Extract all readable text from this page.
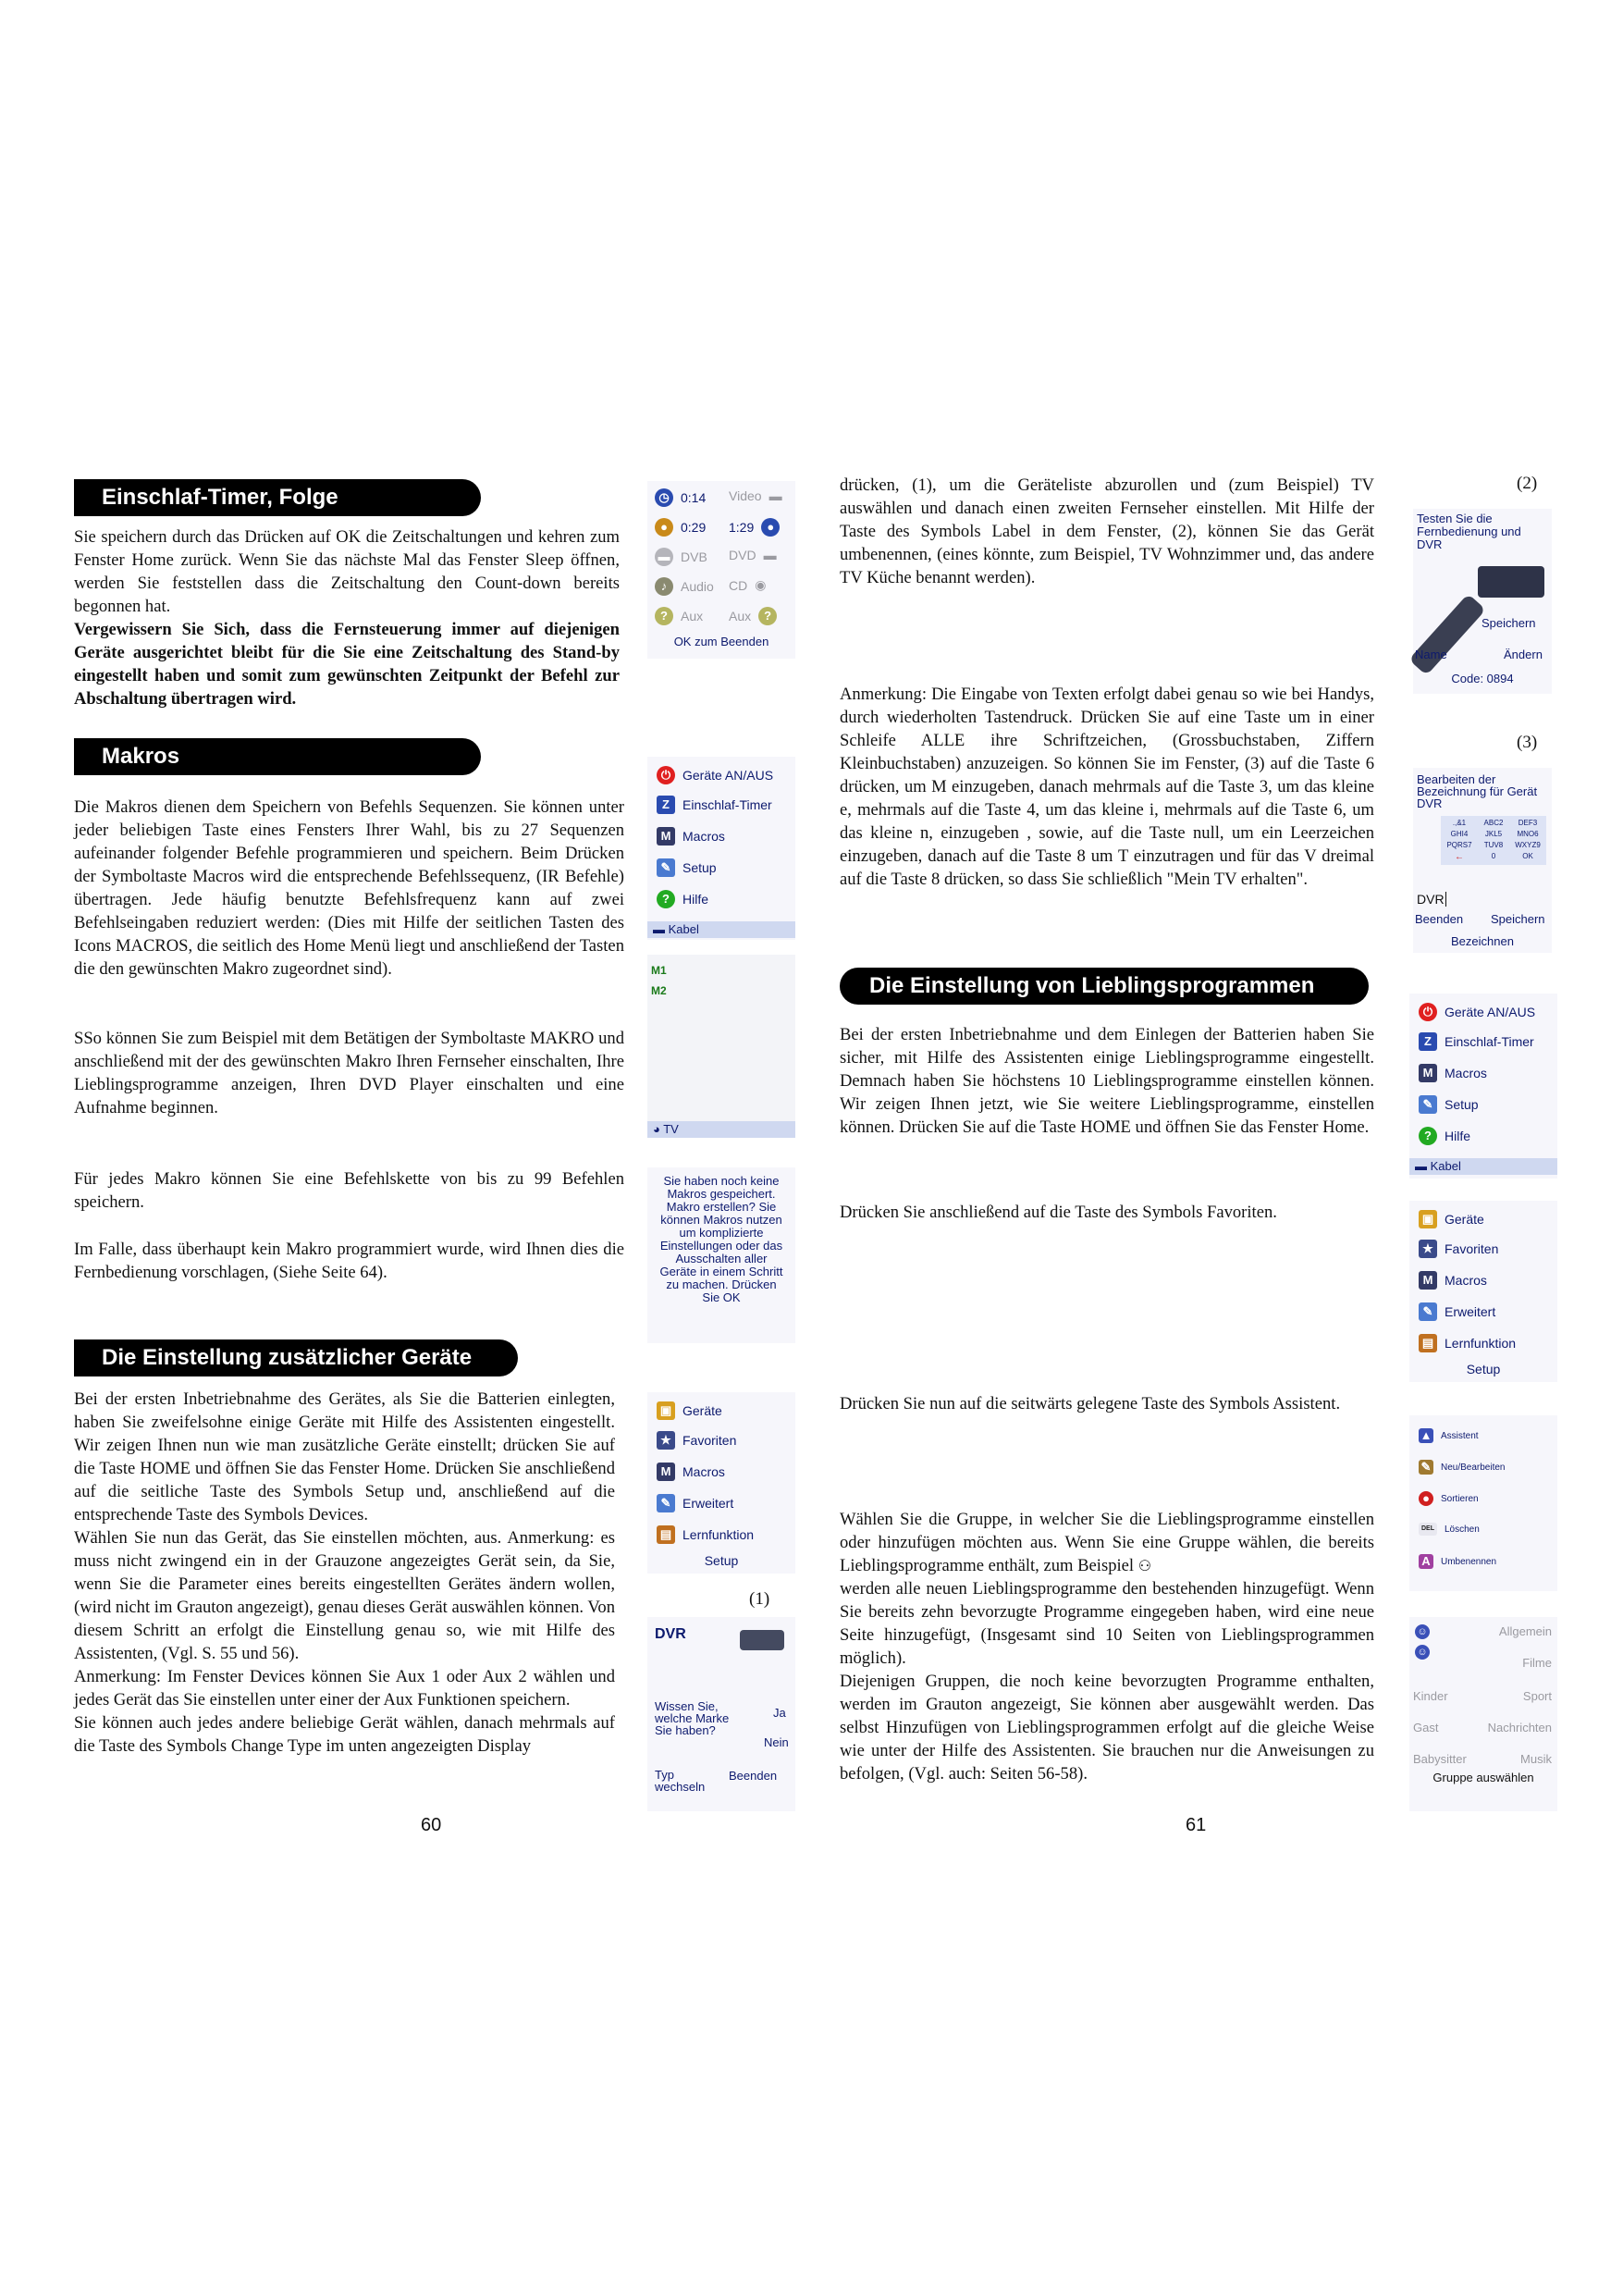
Einschlaf-Timer, Folge

Sie speichern durch das Drücken auf OK die Zeitschaltungen und kehren zum Fenster Home zurück. Wenn Sie das nächste Mal das Fenster Sleep öffnen, werden Sie feststellen dass die Zeitschaltung den Count-down bereits begonnen hat.

Vergewissern Sie Sich, dass die Fernsteuerung immer auf diejenigen Geräte ausgerichtet bleibt für die Sie eine Zeitschaltung des Stand-by eingestellt haben und somit zum gewünschten Zeitpunkt der Befehl zur Abschaltung übertragen wird.

Makros

Die Makros dienen dem Speichern von Befehls Sequenzen. Sie können unter jeder beliebigen Taste eines Fensters Ihrer Wahl, bis zu 27 Sequenzen aufeinander folgender Befehle programmieren und speichern. Beim Drücken der Symboltaste Macros wird die entsprechende Befehlssequenz, (IR Befehle) übertragen. Jede häufig benutzte Befehlsfrequenz kann auf zwei Befehlseingaben reduziert werden: (Dies mit Hilfe der seitlichen Tasten des Icons MACROS, die seitlich des Home Menü liegt und anschließend der Tasten die den gewünschten Makro zugeordnet sind).

SSo können Sie zum Beispiel mit dem Betätigen der Symboltaste MAKRO und anschließend mit der des gewünschten Makro Ihren Fernseher einschalten, Ihre Lieblingsprogramme anzeigen, Ihren DVD Player einschalten und eine Aufnahme beginnen.

Für jedes Makro können Sie eine Befehlskette von bis zu 99 Befehlen speichern.

Im Falle, dass überhaupt kein Makro programmiert wurde, wird Ihnen dies die Fernbedienung vorschlagen, (Siehe Seite 64).

Die Einstellung zusätzlicher Geräte

Bei der ersten Inbetriebnahme des Gerätes, als Sie die Batterien einlegten, haben Sie zweifelsohne einige Geräte mit Hilfe des Assistenten eingestellt. Wir zeigen Ihnen nun wie man zusätzliche Geräte einstellt; drücken Sie auf die Taste HOME und öffnen Sie das Fenster Home. Drücken Sie anschließend auf die seitliche Taste des Symbols Setup und, anschließend auf die entsprechende Taste des Symbols Devices.

Wählen Sie nun das Gerät, das Sie einstellen möchten, aus. Anmerkung: es muss nicht zwingend ein in der Grauzone angezeigtes Gerät sein, da Sie, wenn Sie die Parameter eines bereits eingestellten Gerätes ändern wollen, (wird nicht im Grauton angezeigt), genau dieses Gerät auswählen können. Von diesem Schritt an erfolgt die Einstellung genau so, wie mit Hilfe des Assistenten, (Vgl. S. 55 und 56).

Anmerkung: Im Fenster Devices können Sie Aux 1 oder Aux 2 wählen und jedes Gerät das Sie einstellen unter einer der Aux Funktionen speichern.

Sie können auch jedes andere beliebige Gerät wählen, danach mehrmals auf die Taste des Symbols Change Type im unten angezeigten Display

60
◷ 0:14 Video ▬
●	0:29 1:29	●
▬ DVB DVD ▬
♪	Audio CD ◉
?	Aux Aux	?
OK zum Beenden
⏻ Geräte AN/AUS
Z	Einschlaf-Timer
M Macros
✎ Setup
?	Hilfe
▬ Kabel
M1
M2
◕ TV
Sie haben noch keine Makros gespeichert. Makro erstellen? Sie können Makros nutzen um komplizierte Einstellungen oder das Ausschalten aller Geräte in einem Schritt zu machen. Drücken Sie OK
▣ Geräte
★ Favoriten
M Macros
✎ Erweitert
▤ Lernfunktion
Setup
(1)
DVR
Wissen Sie, welche Marke Sie haben?
Ja
Nein
Typ wechseln
Beenden

drücken, (1), um die Geräteliste abzurollen und (zum Beispiel) TV auswählen und danach einen zweiten Fernseher einstellen. Mit Hilfe der Taste des Symbols Label in dem Fenster, (2), können Sie das Gerät umbenennen, (eines könnte, zum Beispiel, TV Wohnzimmer und, das andere TV Küche benannt werden).

Anmerkung: Die Eingabe von Texten erfolgt dabei genau so wie bei Handys, durch wiederholten Tastendruck. Drücken Sie auf eine Taste um in einer Schleife ALLE ihre Schriftzeichen, (Grossbuchstaben, Ziffern Kleinbuchstaben) anzuzeigen. So können Sie im Fenster, (3) auf die Taste 6 drücken, um M einzugeben, danach mehrmals auf die Taste 3, um das kleine e, mehrmals auf die Taste 4, um das kleine i, mehrmals auf die Taste 6, um das kleine n, einzugeben , sowie, auf die Taste null, um ein Leerzeichen einzugeben, danach auf die Taste 8 um T einzutragen und für das V dreimal auf die Taste 8 drücken, so dass Sie schließlich "Mein TV erhalten".

Die Einstellung von Lieblingsprogrammen

Bei der ersten Inbetriebnahme und dem Einlegen der Batterien haben Sie sicher, mit Hilfe des Assistenten einige Lieblingsprogramme eingestellt. Demnach haben Sie höchstens 10 Lieblingsprogramme einstellen können. Wir zeigen Ihnen jetzt, wie Sie weitere Lieblingsprogramme, einstellen können. Drücken Sie auf die Taste HOME und öffnen Sie das Fenster Home.

Drücken Sie anschließend auf die Taste des Symbols Favoriten.

Drücken Sie nun auf die seitwärts gelegene Taste des Symbols Assistent.

Wählen Sie die Gruppe, in welcher Sie die Lieblingsprogramme einstellen oder hinzufügen möchten aus. Wenn Sie eine Gruppe wählen, die bereits Lieblingsprogramme enthält, zum Beispiel ⚇

werden alle neuen Lieblingsprogramme den bestehenden hinzugefügt. Wenn Sie bereits zehn bevorzugte Programme eingegeben haben, wird eine neue Seite hinzugefügt, (Insgesamt sind 10 Seiten von Lieblingsprogrammen möglich).

Diejenigen Gruppen, die noch keine bevorzugten Programme enthalten, werden im Grauton angezeigt, Sie können aber ausgewählt werden. Das selbst Hinzufügen von Lieblingsprogrammen erfolgt auf die gleiche Weise wie unter der Hilfe des Assistenten. Sie brauchen nur die Anweisungen zu befolgen, (Vgl. auch: Seiten 56-58).

61
(2)
Testen Sie die Fernbedienung und DVR
Speichern
Name	Ändern
Code: 0894
(3)
Bearbeiten der Bezeichnung für Gerät DVR
.,&1	ABC2	DEF3
GHI4	JKL5	MNO6
PQRS7	TUV8	WXYZ9
←	0	OK
DVR
Beenden Speichern
Bezeichnen
⏻ Geräte AN/AUS
Z	Einschlaf-Timer
M Macros
✎ Setup
?	Hilfe
▬ Kabel
▣ Geräte
★ Favoriten
M Macros
✎ Erweitert
▤ Lernfunktion
Setup
▲ Assistent
✎ Neu/Bearbeiten
●	Sortieren
DEL	Löschen
A	Umbenennen
☺	Allgemein
☺
Filme
Kinder	Sport
Gast	Nachrichten
Babysitter	Musik
Gruppe auswählen
